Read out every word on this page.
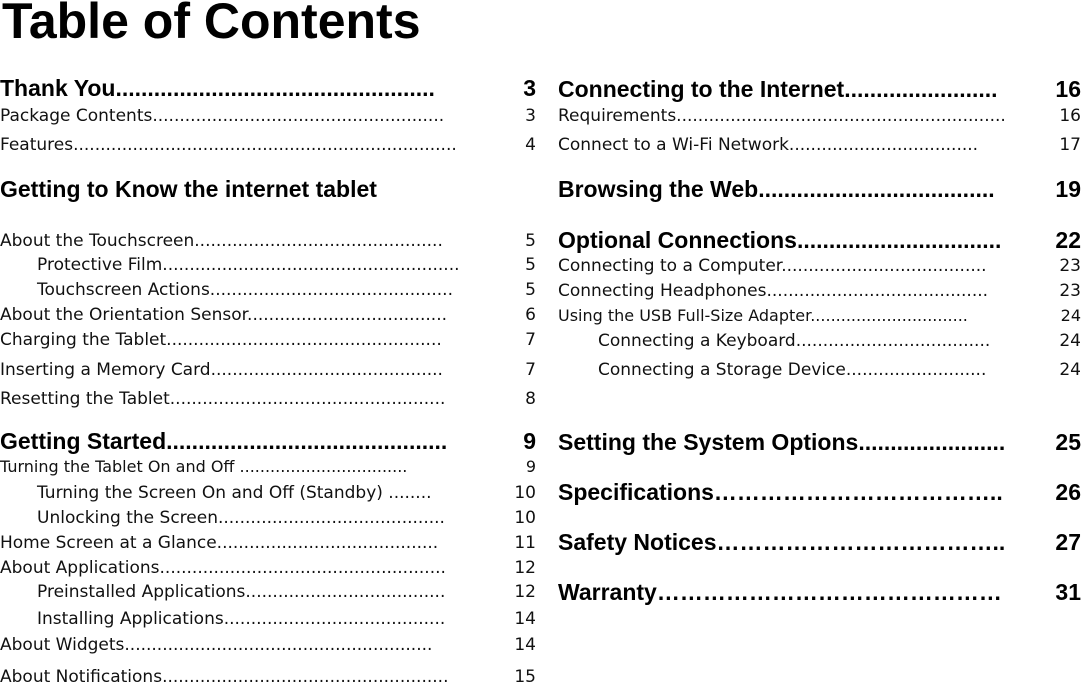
Table of Contents
Thank You..................................................	3
Package Contents......................................................	3
Features.......................................................................	4
Getting to Know the internet tablet
About the Touchscreen..............................................	5
Protective Film.......................................................	5
Touchscreen Actions.............................................	5
About the Orientation Sensor.....................................	6
Charging the Tablet...................................................	7
Inserting a Memory Card...........................................	7
Resetting the Tablet...................................................	8
Getting Started............................................	9
Turning the Tablet On and Off .................................	9
Turning the Screen On and Off (Standby) ........	10
Unlocking the Screen..........................................	10
Home Screen at a Glance.........................................	11
About Applications.....................................................	12
Preinstalled Applications.....................................	12
Installing Applications.........................................	14
About Widgets.........................................................	14
About Notifications.....................................................	15
Connecting to the Internet........................	16
Requirements.............................................................	16
Connect to a Wi-Fi Network...................................	17
Browsing the Web.....................................	19
Optional Connections................................	22
Connecting to a Computer......................................	23
Connecting Headphones.........................................	23
Using the USB Full-Size Adapter...............................	24
Connecting a Keyboard....................................	24
Connecting a Storage Device..........................	24
Setting the System Options.......................	25
Specifications………………………………..	26
Safety Notices………………………………..	27
Warranty………………………………………	31
